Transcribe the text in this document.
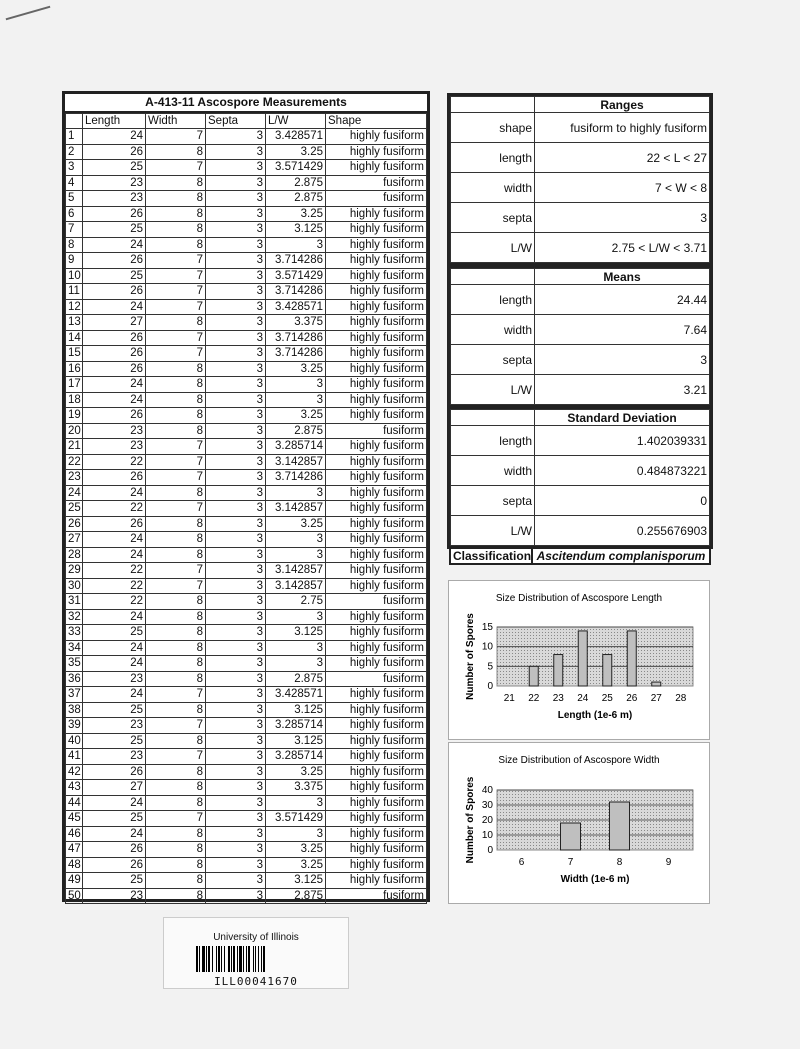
A-413-11 Ascospore Measurements
	Length	Width	Septa	L/W	Shape
1	24	7	3	3.428571	highly fusiform
2	26	8	3	3.25	highly fusiform
3	25	7	3	3.571429	highly fusiform
4	23	8	3	2.875	fusiform
5	23	8	3	2.875	fusiform
6	26	8	3	3.25	highly fusiform
7	25	8	3	3.125	highly fusiform
8	24	8	3	3	highly fusiform
9	26	7	3	3.714286	highly fusiform
10	25	7	3	3.571429	highly fusiform
11	26	7	3	3.714286	highly fusiform
12	24	7	3	3.428571	highly fusiform
13	27	8	3	3.375	highly fusiform
14	26	7	3	3.714286	highly fusiform
15	26	7	3	3.714286	highly fusiform
16	26	8	3	3.25	highly fusiform
17	24	8	3	3	highly fusiform
18	24	8	3	3	highly fusiform
19	26	8	3	3.25	highly fusiform
20	23	8	3	2.875	fusiform
21	23	7	3	3.285714	highly fusiform
22	22	7	3	3.142857	highly fusiform
23	26	7	3	3.714286	highly fusiform
24	24	8	3	3	highly fusiform
25	22	7	3	3.142857	highly fusiform
26	26	8	3	3.25	highly fusiform
27	24	8	3	3	highly fusiform
28	24	8	3	3	highly fusiform
29	22	7	3	3.142857	highly fusiform
30	22	7	3	3.142857	highly fusiform
31	22	8	3	2.75	fusiform
32	24	8	3	3	highly fusiform
33	25	8	3	3.125	highly fusiform
34	24	8	3	3	highly fusiform
35	24	8	3	3	highly fusiform
36	23	8	3	2.875	fusiform
37	24	7	3	3.428571	highly fusiform
38	25	8	3	3.125	highly fusiform
39	23	7	3	3.285714	highly fusiform
40	25	8	3	3.125	highly fusiform
41	23	7	3	3.285714	highly fusiform
42	26	8	3	3.25	highly fusiform
43	27	8	3	3.375	highly fusiform
44	24	8	3	3	highly fusiform
45	25	7	3	3.571429	highly fusiform
46	24	8	3	3	highly fusiform
47	26	8	3	3.25	highly fusiform
48	26	8	3	3.25	highly fusiform
49	25	8	3	3.125	highly fusiform
50	23	8	3	2.875	fusiform
	Ranges
shape	fusiform to highly fusiform
length	22 < L < 27
width	7 < W < 8
septa	3
L/W	2.75 < L/W < 3.71
	Means
length	24.44
width	7.64
septa	3
L/W	3.21
	Standard Deviation
length	1.402039331
width	0.484873221
septa	0
L/W	0.255676903
Classification Ascitendum complanisporum
Size Distribution of Ascospore Length
0
5
10
15
21 22 23 24 25 26 27 28
Length (1e-6 m)
Number of Spores
Size Distribution of Ascospore Width
0
10
20
30
40
6	7	8	9
Width (1e-6 m)
Number of Spores
University of Illinois
ILL00041670
